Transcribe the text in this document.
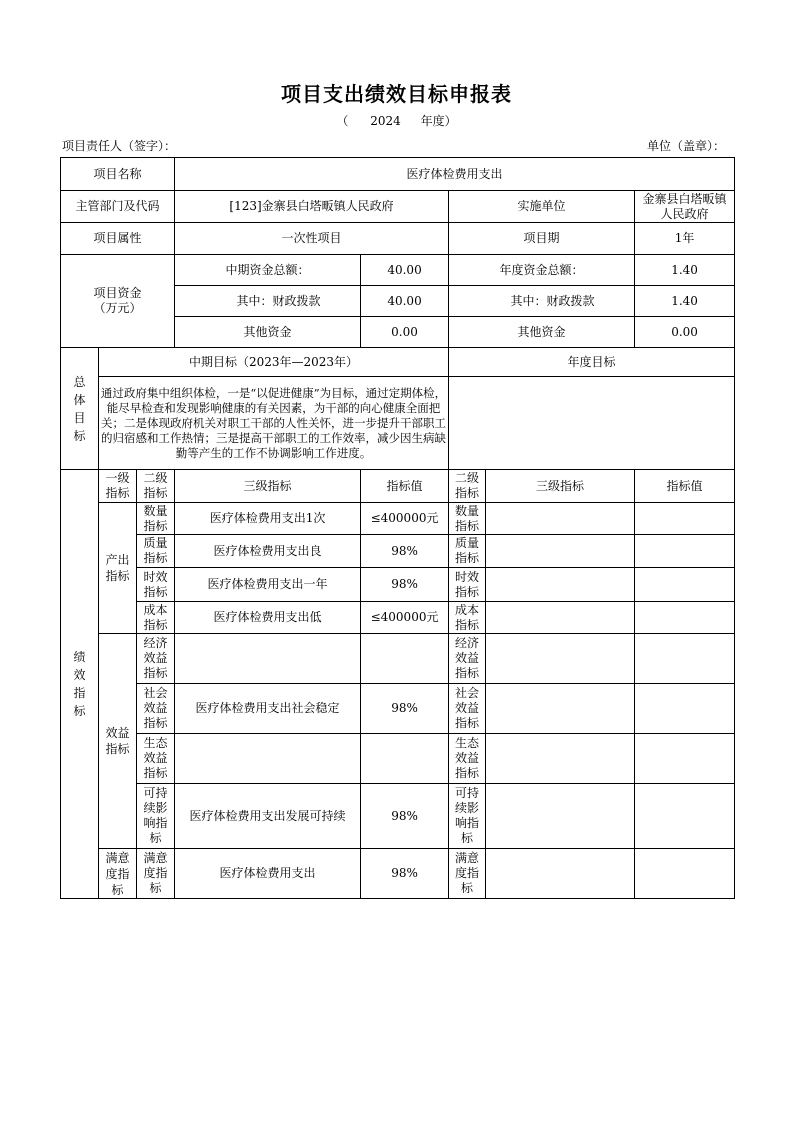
项目支出绩效目标申报表
（ 2024 年度）
项目责任人（签字）：	单位（盖章）：
项目名称			医疗体检费用支出				
主管部门及代码			[123]金寨县白塔畈镇人民政府		实施单位		金寨县白塔畈镇人民政府
项目属性			一次性项目		项目期		1年

项目资金（万元）			中期资金总额：	40.00	年度资金总额：		1.40
			其中：财政拨款	40.00	其中：财政拨款		1.40
			其他资金	0.00	其他资金		0.00

总体目标	中期目标（2023年—2023年）				年度目标		
	通过政府集中组织体检，一是“以促进健康”为目标，通过定期体检，能尽早检查和发现影响健康的有关因素，为干部的向心健康全面把关；二是体现政府机关对职工干部的人性关怀，进一步提升干部职工的归宿感和工作热情；三是提高干部职工的工作效率，减少因生病缺勤等产生的工作不协调影响工作进度。						

绩效指标	一级指标	二级指标	三级指标	指标值	二级指标	三级指标	指标值

	产出指标	数量指标	医疗体检费用支出1次	≤400000元	数量指标		

		质量指标	医疗体检费用支出良	98%	质量指标		

		时效指标	医疗体检费用支出一年	98%	时效指标		

		成本指标	医疗体检费用支出低	≤400000元	成本指标		

	效益指标	经济效益指标			经济效益指标		

		社会效益指标	医疗体检费用支出社会稳定	98%	社会效益指标		

		生态效益指标			生态效益指标		

		可持续影响指标	医疗体检费用支出发展可持续	98%	可持续影响指标		

	满意度指标	满意度指标	医疗体检费用支出	98%	满意度指标		
